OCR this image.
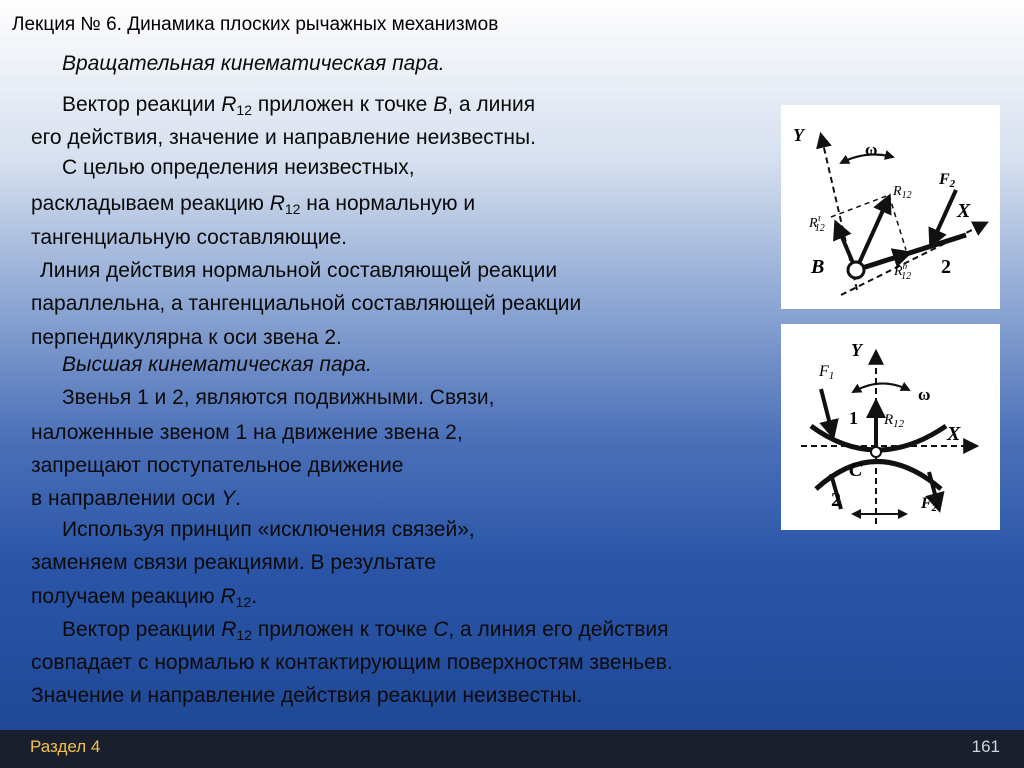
Лекция № 6. Динамика плоских рычажных механизмов
Вращательная кинематическая пара.
Вектор реакции $R_{12}$ приложен к точке B, а линия
его действия, значение и направление неизвестны.
С целью определения неизвестных,
раскладываем реакцию $R_{12}$ на нормальную и
тангенциальную составляющие.
Линия действия нормальной составляющей реакции
параллельна, а тангенциальной составляющей реакции
перпендикулярна к оси звена 2.
Высшая кинематическая пара.
Звенья 1 и 2, являются подвижными. Связи,
наложенные звеном 1 на движение звена 2,
запрещают поступательное движение
в направлении оси Y.
Используя принцип «исключения связей»,
заменяем связи реакциями. В результате
получаем реакцию $R_{12}$.
Вектор реакции $R_{12}$ приложен к точке C, а линия его действия
совпадает с нормалью к контактирующим поверхностям звеньев.
Значение и направление действия реакции неизвестны.
Y
X
ω
F2
$R_{12}$
$R^\tau$ 12
$R^n$ 12
B	2
Y
X
ω
F1
$R_{12}$
F2
C
1
2
Раздел 4	161
